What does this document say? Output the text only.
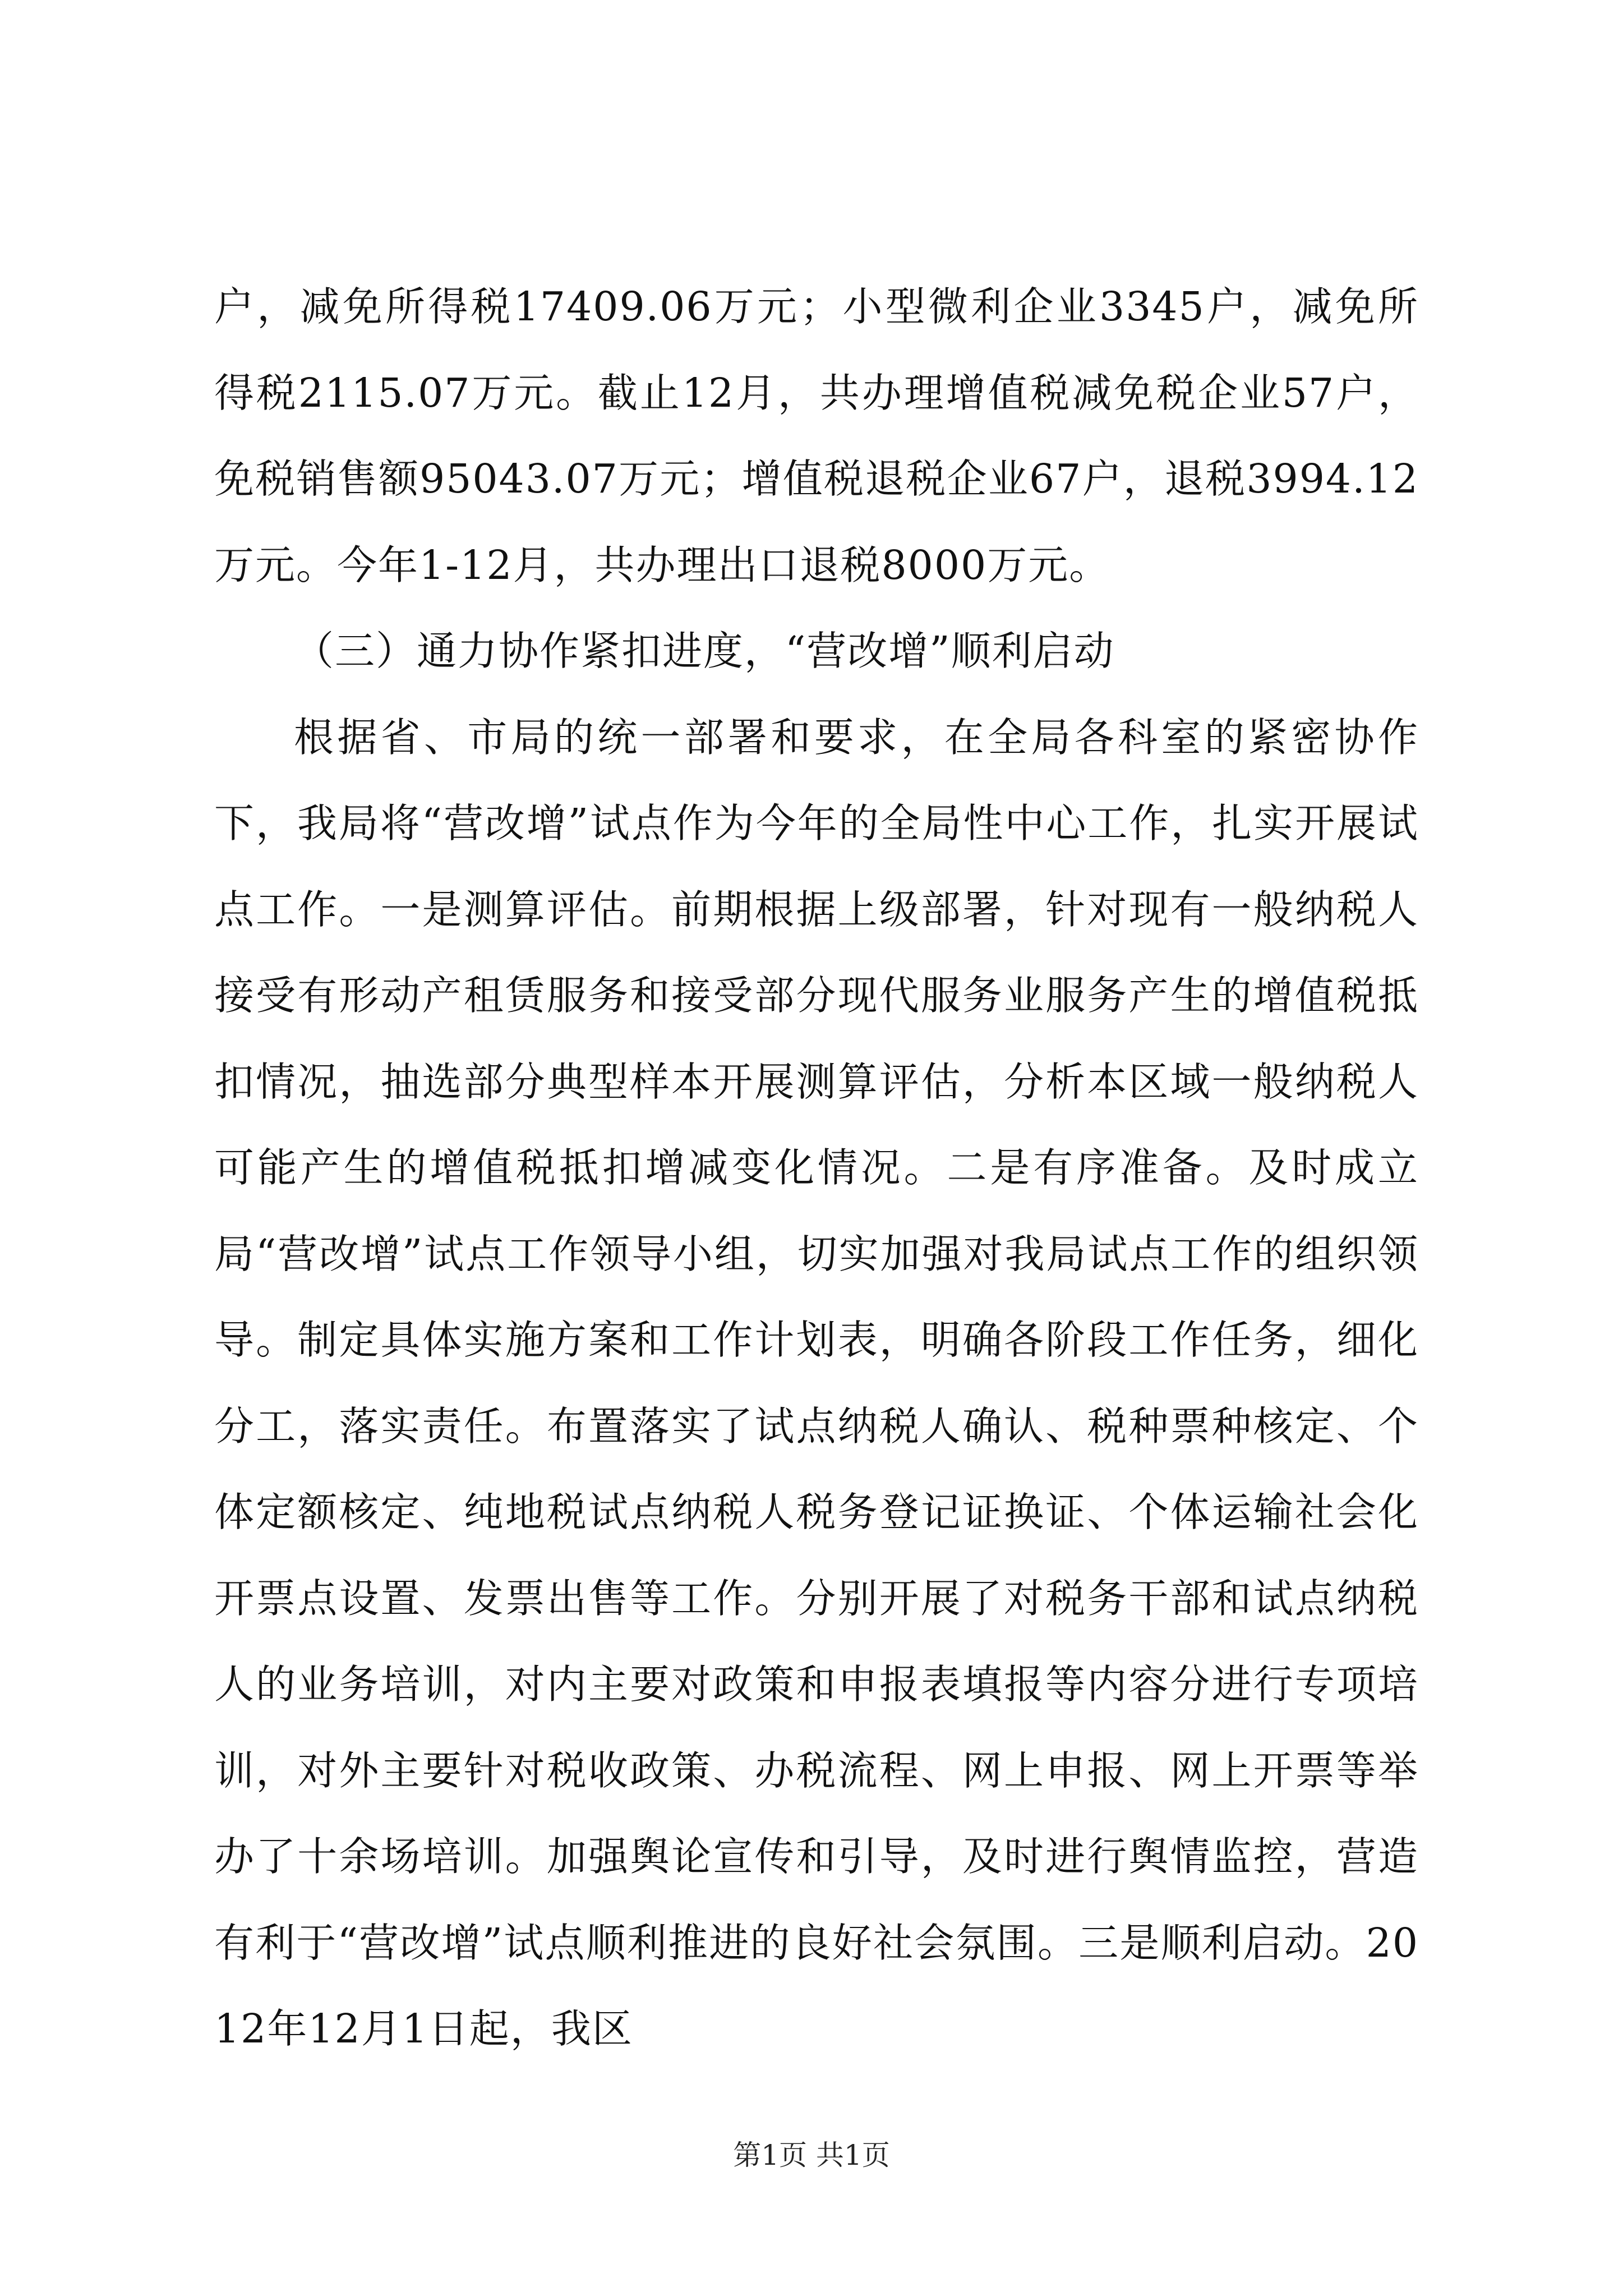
户，减免所得税17409.06万元；小型微利企业3345户，减免所得税2115.07万元。截止12月，共办理增值税减免税企业57户，免税销售额95043.07万元；增值税退税企业67户，退税3994.12万元。今年1-12月，共办理出口退税8000万元。

（三）通力协作紧扣进度，“营改增”顺利启动

根据省、市局的统一部署和要求，在全局各科室的紧密协作下，我局将“营改增”试点作为今年的全局性中心工作，扎实开展试点工作。一是测算评估。前期根据上级部署，针对现有一般纳税人接受有形动产租赁服务和接受部分现代服务业服务产生的增值税抵扣情况，抽选部分典型样本开展测算评估，分析本区域一般纳税人可能产生的增值税抵扣增减变化情况。二是有序准备。及时成立局“营改增”试点工作领导小组，切实加强对我局试点工作的组织领导。制定具体实施方案和工作计划表，明确各阶段工作任务，细化分工，落实责任。布置落实了试点纳税人确认、税种票种核定、个体定额核定、纯地税试点纳税人税务登记证换证、个体运输社会化开票点设置、发票出售等工作。分别开展了对税务干部和试点纳税人的业务培训，对内主要对政策和申报表填报等内容分进行专项培训，对外主要针对税收政策、办税流程、网上申报、网上开票等举办了十余场培训。加强舆论宣传和引导，及时进行舆情监控，营造有利于“营改增”试点顺利推进的良好社会氛围。三是顺利启动。2012年12月1日起，我区

第1页 共1页
